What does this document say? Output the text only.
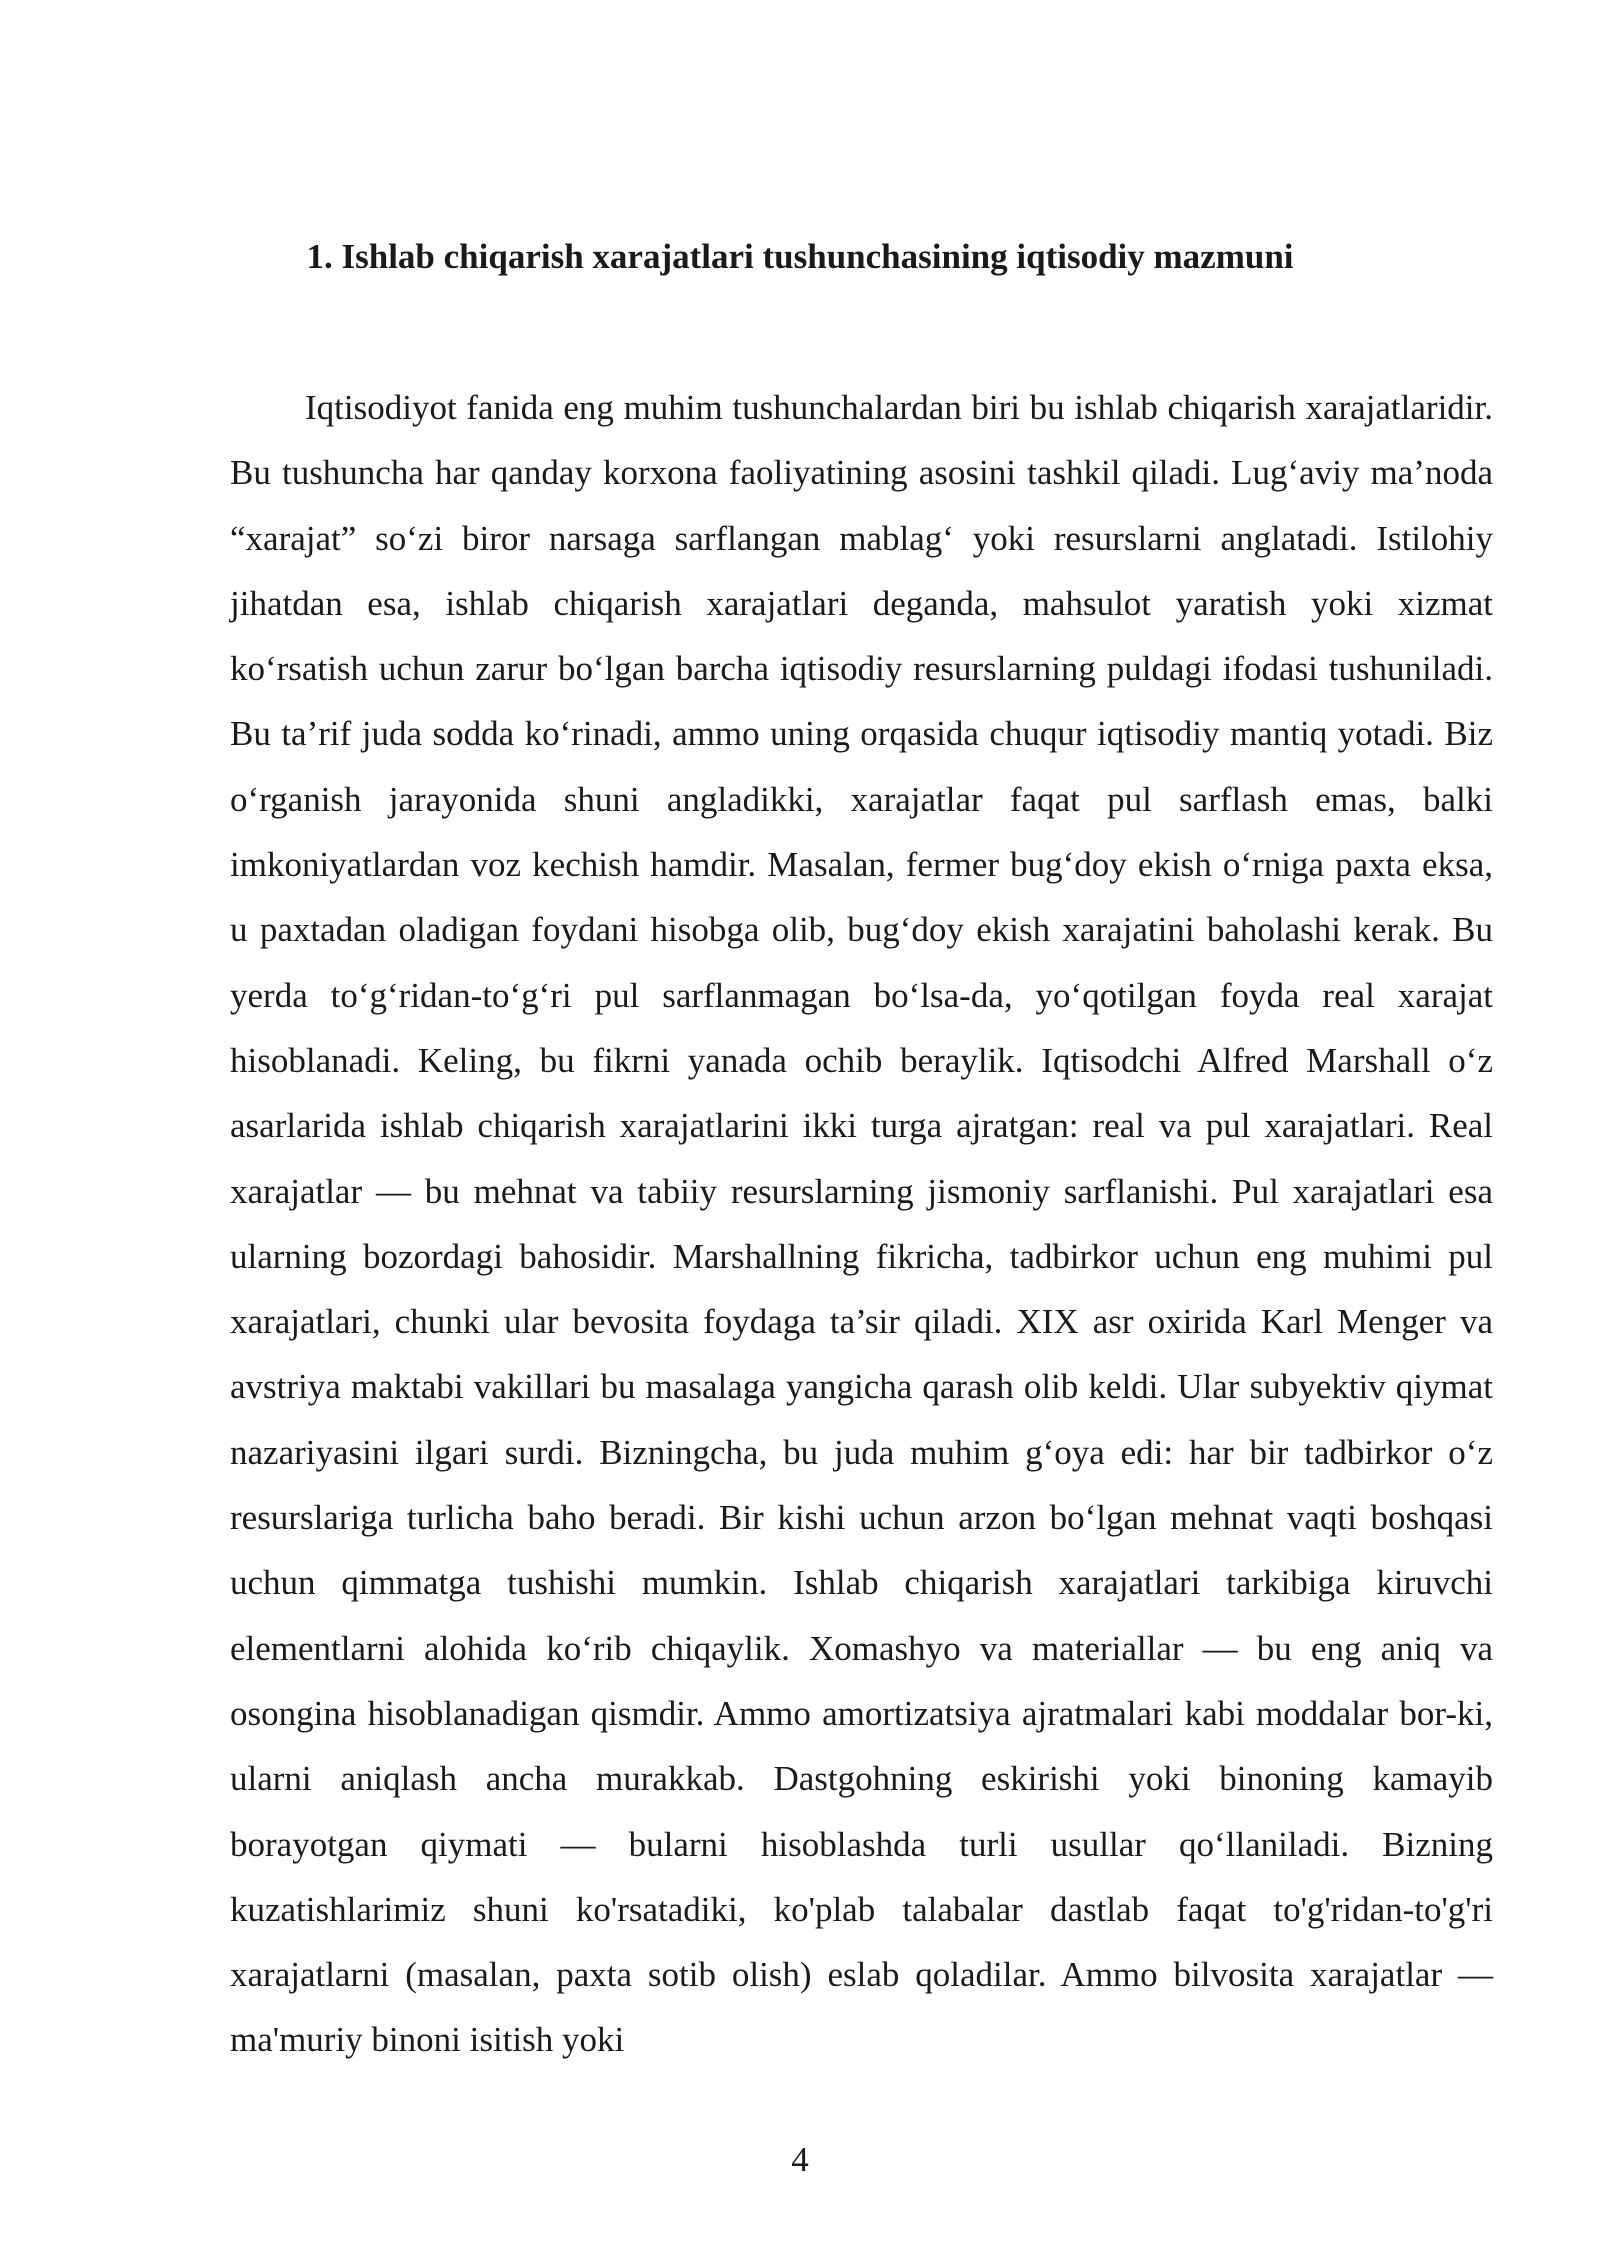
1. Ishlab chiqarish xarajatlari tushunchasining iqtisodiy mazmuni

Iqtisodiyot fanida eng muhim tushunchalardan biri bu ishlab chiqarish xarajatlaridir. Bu tushuncha har qanday korxona faoliyatining asosini tashkil qiladi. Lug‘aviy ma’noda “xarajat” so‘zi biror narsaga sarflangan mablag‘ yoki resurslarni anglatadi. Istilohiy jihatdan esa, ishlab chiqarish xarajatlari deganda, mahsulot yaratish yoki xizmat ko‘rsatish uchun zarur bo‘lgan barcha iqtisodiy resurslarning puldagi ifodasi tushuniladi. Bu ta’rif juda sodda ko‘rinadi, ammo uning orqasida chuqur iqtisodiy mantiq yotadi. Biz o‘rganish jarayonida shuni angladikki, xarajatlar faqat pul sarflash emas, balki imkoniyatlardan voz kechish hamdir. Masalan, fermer bug‘doy ekish o‘rniga paxta eksa, u paxtadan oladigan foydani hisobga olib, bug‘doy ekish xarajatini baholashi kerak. Bu yerda to‘g‘ridan-to‘g‘ri pul sarflanmagan bo‘lsa-da, yo‘qotilgan foyda real xarajat hisoblanadi. Keling, bu fikrni yanada ochib beraylik. Iqtisodchi Alfred Marshall o‘z asarlarida ishlab chiqarish xarajatlarini ikki turga ajratgan: real va pul xarajatlari. Real xarajatlar — bu mehnat va tabiiy resurslarning jismoniy sarflanishi. Pul xarajatlari esa ularning bozordagi bahosidir. Marshallning fikricha, tadbirkor uchun eng muhimi pul xarajatlari, chunki ular bevosita foydaga ta’sir qiladi. XIX asr oxirida Karl Menger va avstriya maktabi vakillari bu masalaga yangicha qarash olib keldi. Ular subyektiv qiymat nazariyasini ilgari surdi. Bizningcha, bu juda muhim g‘oya edi: har bir tadbirkor o‘z resurslariga turlicha baho beradi. Bir kishi uchun arzon bo‘lgan mehnat vaqti boshqasi uchun qimmatga tushishi mumkin. Ishlab chiqarish xarajatlari tarkibiga kiruvchi elementlarni alohida ko‘rib chiqaylik. Xomashyo va materiallar — bu eng aniq va osongina hisoblanadigan qismdir. Ammo amortizatsiya ajratmalari kabi moddalar bor-ki, ularni aniqlash ancha murakkab. Dastgohning eskirishi yoki binoning kamayib borayotgan qiymati — bularni hisoblashda turli usullar qo‘llaniladi. Bizning kuzatishlarimiz shuni ko'rsatadiki, ko'plab talabalar dastlab faqat to'g'ridan-to'g'ri xarajatlarni (masalan, paxta sotib olish) eslab qoladilar. Ammo bilvosita xarajatlar — ma'muriy binoni isitish yoki

4
